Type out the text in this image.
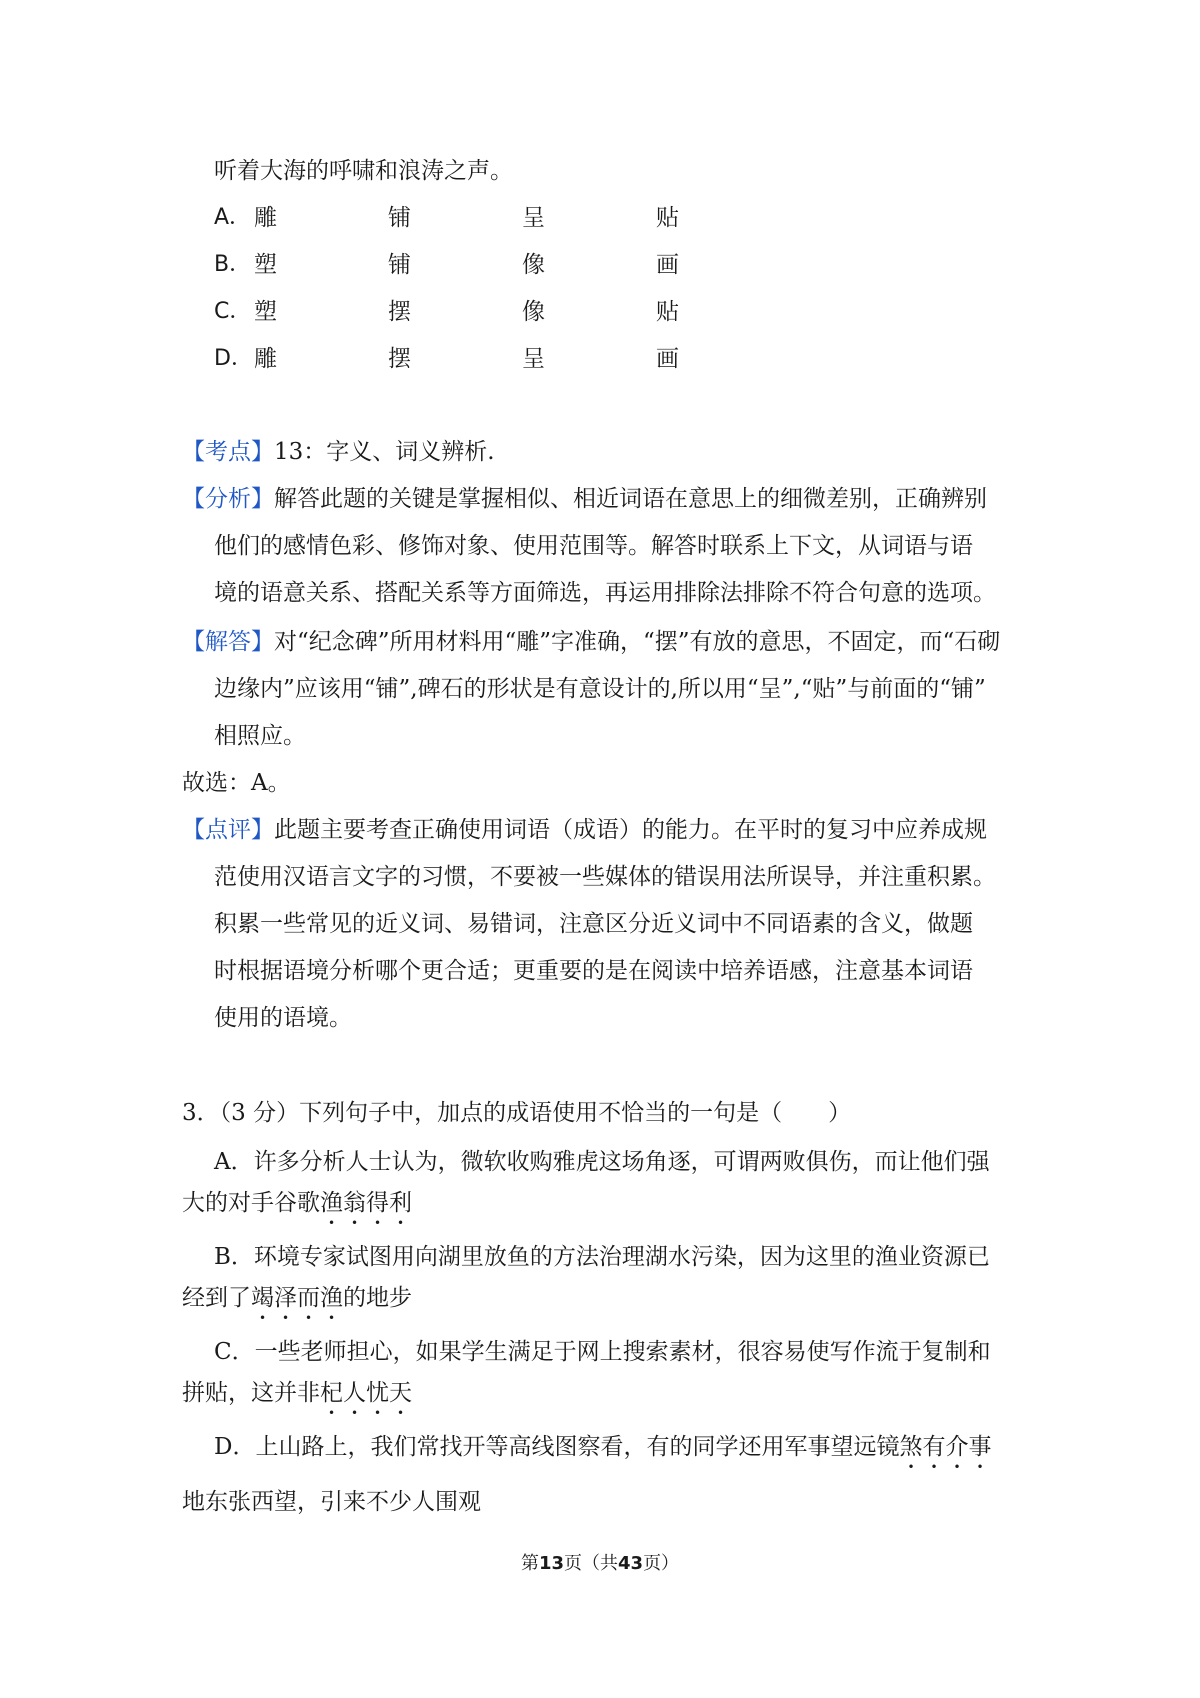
听着大海的呼啸和浪涛之声。
A． 雕	铺	呈	贴
B． 塑	铺	像	画
C． 塑	摆	像	贴
D． 雕	摆	呈	画
【考点】13：字义、词义辨析.
【分析】解答此题的关键是掌握相似、相近词语在意思上的细微差别，正确辨别
他们的感情色彩、修饰对象、使用范围等。解答时联系上下文，从词语与语
境的语意关系、搭配关系等方面筛选，再运用排除法排除不符合句意的选项。
【解答】对“纪念碑”所用材料用“雕”字准确，“摆”有放的意思，不固定，而“石砌
边缘内”应该用“铺”,碑石的形状是有意设计的,所以用“呈”,“贴”与前面的“铺”
相照应。
故选：A。
【点评】此题主要考查正确使用词语（成语）的能力。在平时的复习中应养成规
范使用汉语言文字的习惯，不要被一些媒体的错误用法所误导，并注重积累。
积累一些常见的近义词、易错词，注意区分近义词中不同语素的含义，做题
时根据语境分析哪个更合适；更重要的是在阅读中培养语感，注意基本词语
使用的语境。
3．（3 分）下列句子中，加点的成语使用不恰当的一句是（　　）
A．许多分析人士认为，微软收购雅虎这场角逐，可谓两败俱伤，而让他们强
大的对手谷歌渔翁得利
B．环境专家试图用向湖里放鱼的方法治理湖水污染，因为这里的渔业资源已
经到了竭泽而渔的地步
C．一些老师担心，如果学生满足于网上搜索素材，很容易使写作流于复制和
拼贴，这并非杞人忧天
D．上山路上，我们常找开等高线图察看，有的同学还用军事望远镜煞有介事
地东张西望，引来不少人围观
第13页（共43页）
